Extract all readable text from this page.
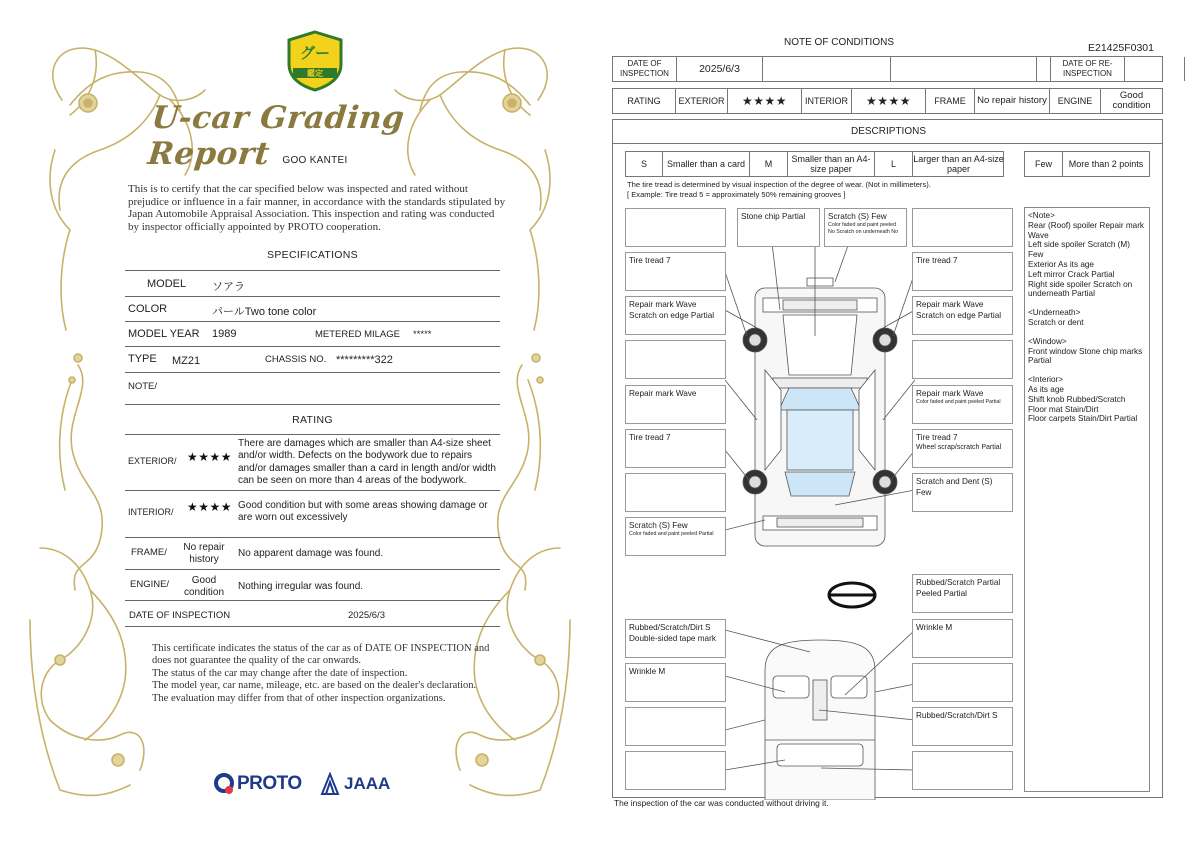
グー
鑑定
U-car Grading Report	GOO KANTEI
This is to certify that the car specified below was inspected and rated without prejudice or influence in a fair manner, in accordance with the standards stipulated by Japan Automobile Appraisal Association. This inspection and rating was conducted by inspector officially appointed by PROTO cooperation.
SPECIFICATIONS
MODEL ソアラ
COLOR	パールTwo tone color
MODEL YEAR 1989	METERED MILAGE *****
TYPE MZ21	CHASSIS NO. *********322
NOTE/
RATING
EXTERIOR/ ★★★★
There are damages which are smaller than A4-size sheet and/or width. Defects on the bodywork due to repairs and/or damages smaller than a card in length and/or width can be seen on more than 4 areas of the bodywork.
INTERIOR/ ★★★★ Good condition but with some areas showing damage or are worn out excessively
FRAME/	No repair history	No apparent damage was found.
ENGINE/	Good condition	Nothing irregular was found.
DATE OF INSPECTION	2025/6/3
This certificate indicates the status of the car as of DATE OF INSPECTION and does not guarantee the quality of the car onwards.
The status of the car may change after the date of inspection.
The model year, car name, mileage, etc. are based on the dealer's declaration.
The evaluation may differ from that of other inspection organizations.
PROTO JAAA
NOTE OF CONDITIONS	E21425F0301
DATE OF INSPECTION	2025/6/3	DATE OF RE-INSPECTION
RATING	EXTERIOR	★★★★	INTERIOR	★★★★	FRAME	No repair history	ENGINE	Good condition
DESCRIPTIONS
S	Smaller than a card	M	Smaller than an A4-size paper	L	Larger than an A4-size paper	Few	More than 2 points
The tire tread is determined by visual inspection of the degree of wear. (Not in millimeters).
[ Example: Tire tread 5 = approximately 50% remaining grooves ]
Tire tread 7
Repair mark Wave Scratch on edge Partial
Repair mark Wave
Tire tread 7
Scratch (S) Few
Color faded and paint peeled Partial
Stone chip Partial	Scratch (S) Few
Color faded and paint peeled No Scratch on underneath No
Tire tread 7
Repair mark Wave Scratch on edge Partial
Repair mark Wave
Color faded and paint peeled Partial
Tire tread 7
Wheel scrap/scratch Partial
Scratch and Dent (S) Few
Rubbed/Scratch Partial
Peeled Partial
Rubbed/Scratch/Dirt S
Double-sided tape mark
Wrinkle M
Wrinkle M
Rubbed/Scratch/Dirt S
<Note>
Rear (Roof) spoiler Repair mark Wave
Left side spoiler Scratch (M) Few
Exterior As its age
Left mirror Crack Partial
Right side spoiler Scratch on underneath Partial
<Underneath>
Scratch or dent
<Window>
Front window Stone chip marks Partial
<Interior>
As its age
Shift knob Rubbed/Scratch
Floor mat Stain/Dirt
Floor carpets Stain/Dirt Partial
The inspection of the car was conducted without driving it.
